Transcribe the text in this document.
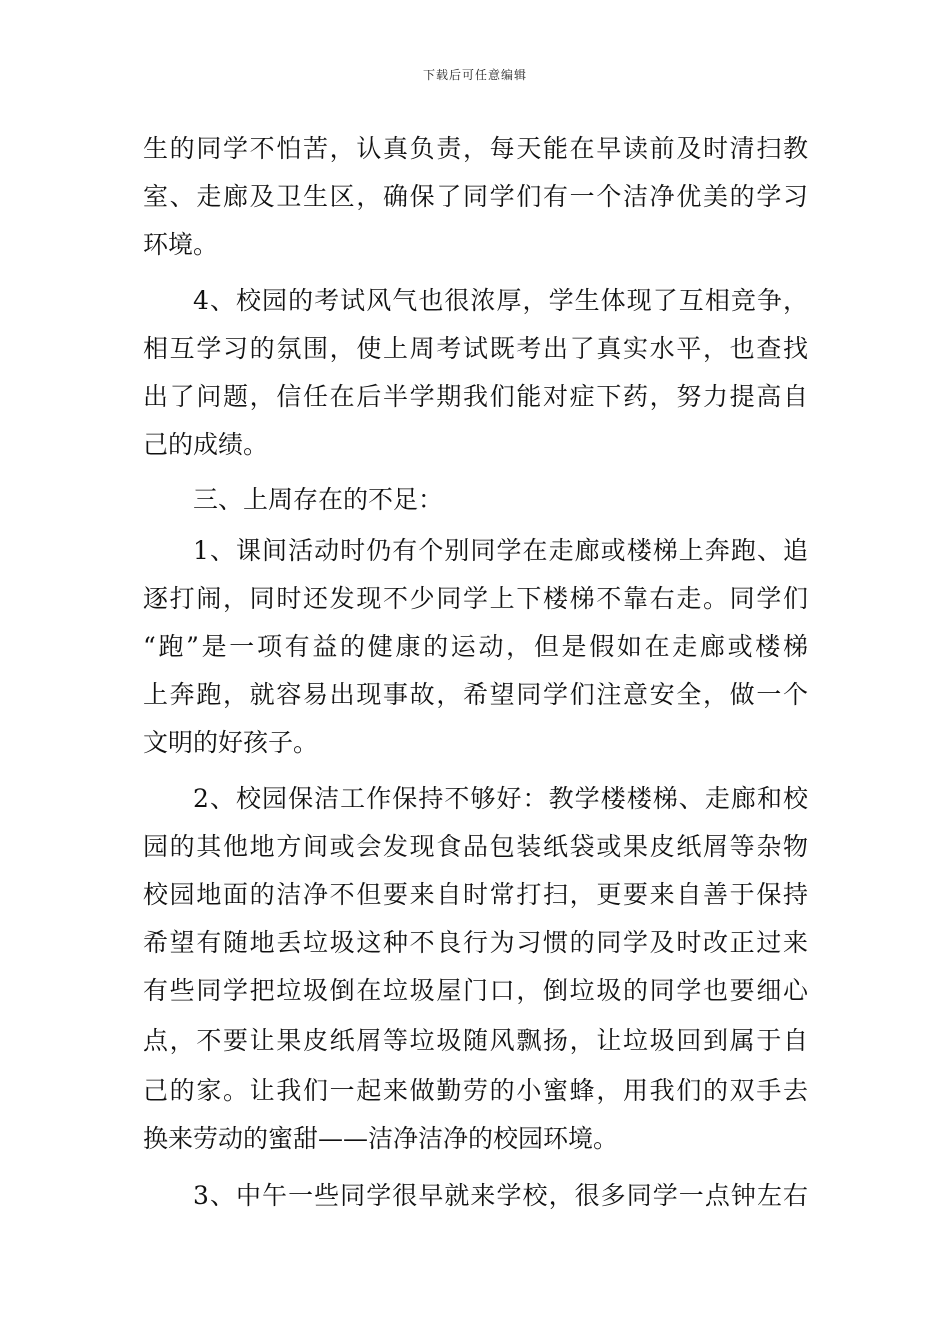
下载后可任意编辑
生的同学不怕苦，认真负责，每天能在早读前及时清扫教
室、走廊及卫生区，确保了同学们有一个洁净优美的学习
环境。
4、校园的考试风气也很浓厚，学生体现了互相竞争，
相互学习的氛围，使上周考试既考出了真实水平，也查找
出了问题，信任在后半学期我们能对症下药，努力提高自
己的成绩。
三、上周存在的不足：
1、课间活动时仍有个别同学在走廊或楼梯上奔跑、追
逐打闹，同时还发现不少同学上下楼梯不靠右走。同学们
“跑”是一项有益的健康的运动，但是假如在走廊或楼梯
上奔跑，就容易出现事故，希望同学们注意安全，做一个
文明的好孩子。
2、校园保洁工作保持不够好：教学楼楼梯、走廊和校
园的其他地方间或会发现食品包装纸袋或果皮纸屑等杂物
校园地面的洁净不但要来自时常打扫，更要来自善于保持
希望有随地丢垃圾这种不良行为习惯的同学及时改正过来
有些同学把垃圾倒在垃圾屋门口，倒垃圾的同学也要细心
点，不要让果皮纸屑等垃圾随风飘扬，让垃圾回到属于自
己的家。让我们一起来做勤劳的小蜜蜂，用我们的双手去
换来劳动的蜜甜——洁净洁净的校园环境。
3、中午一些同学很早就来学校，很多同学一点钟左右
